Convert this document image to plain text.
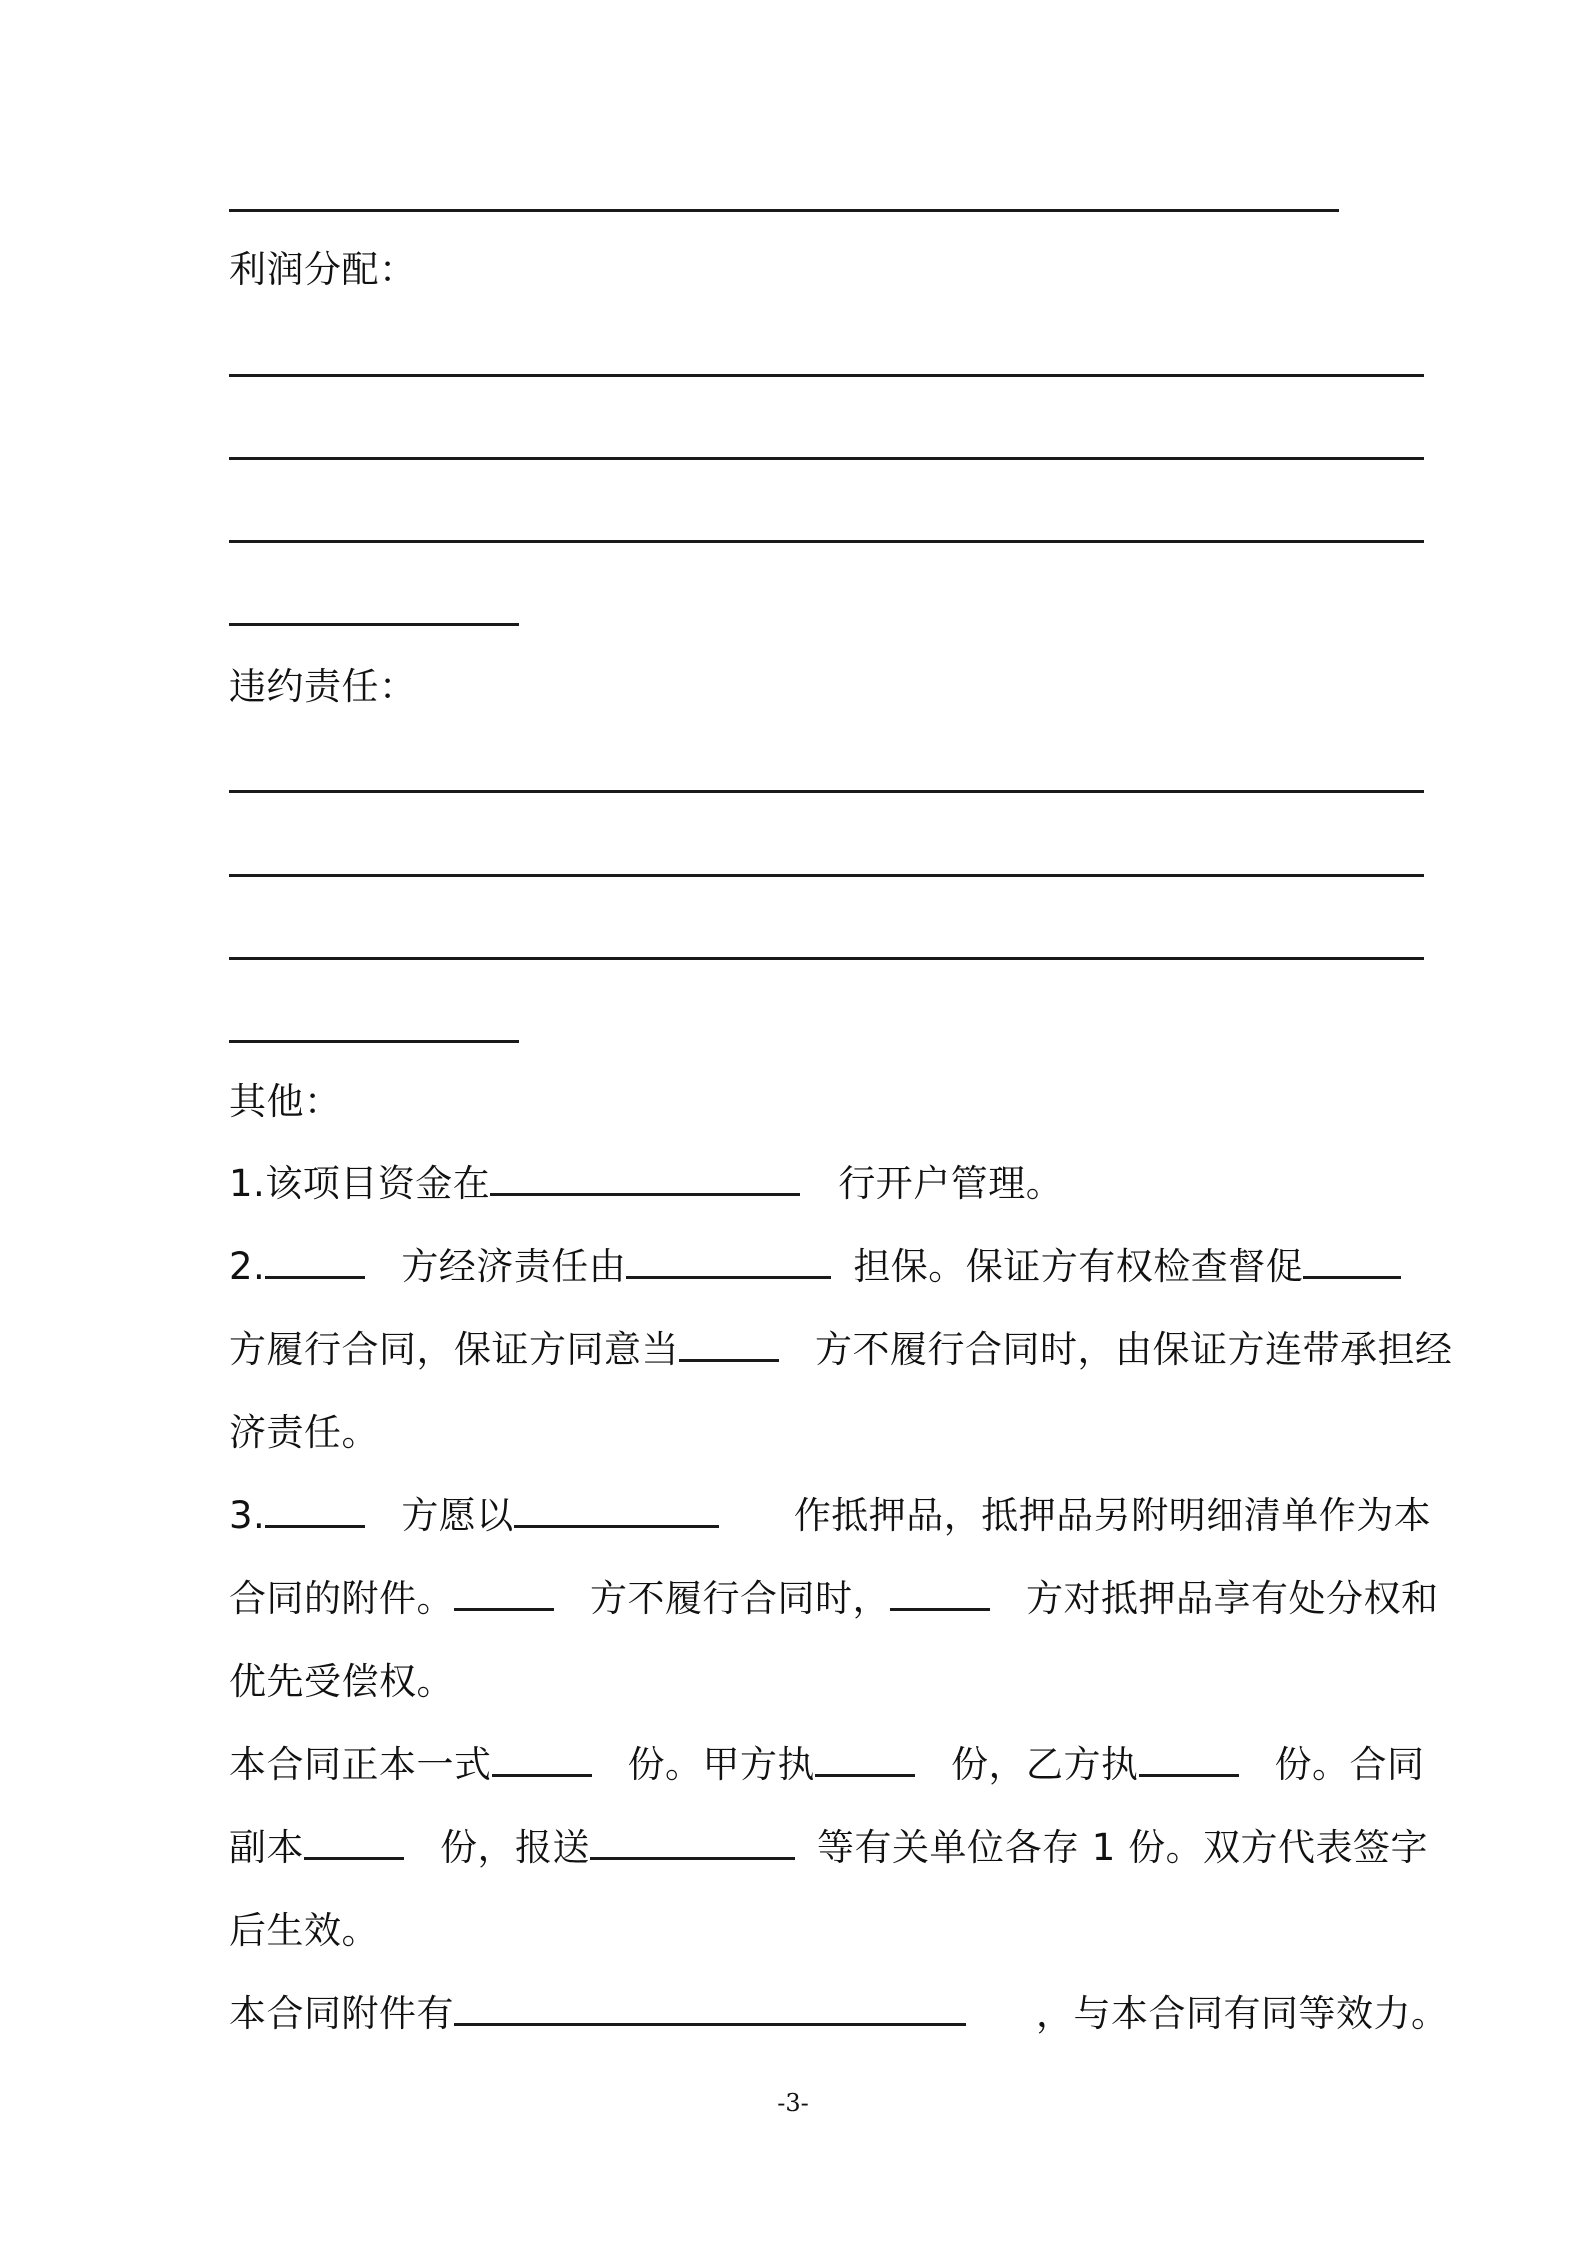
利润分配：
违约责任：
其他：
1.该项目资金在	行开户管理。
2.	方经济责任由	担保。保证方有权检查督促
方履行合同，保证方同意当	方不履行合同时，由保证方连带承担经
济责任。
3.	方愿以	作抵押品，抵押品另附明细清单作为本
合同的附件。	方不履行合同时，	方对抵押品享有处分权和
优先受偿权。
本合同正本一式	份。甲方执	份，乙方执	份。合同
副本	份，报送	等有关单位各存 1 份。双方代表签字
后生效。
本合同附件有	，与本合同有同等效力。
-3-
